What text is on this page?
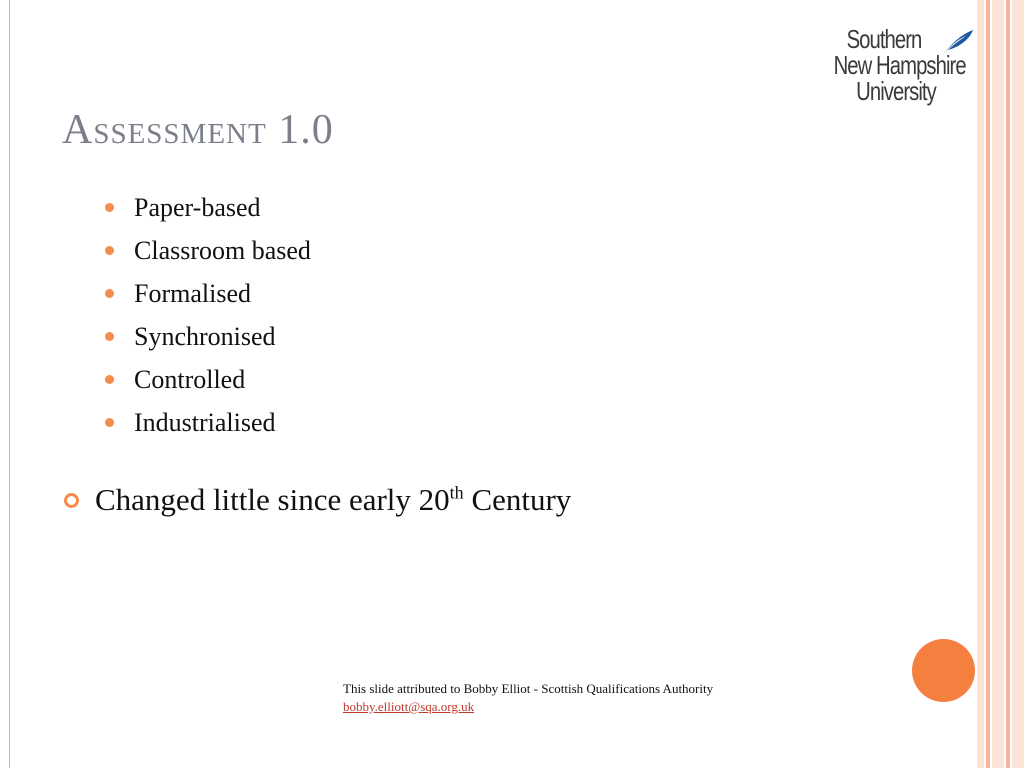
Southern
New Hampshire
University
Assessment 1.0
Paper-based
Classroom based
Formalised
Synchronised
Controlled
Industrialised
Changed little since early 20th Century
This slide attributed to Bobby Elliot - Scottish Qualifications Authority
bobby.elliott@sqa.org.uk
